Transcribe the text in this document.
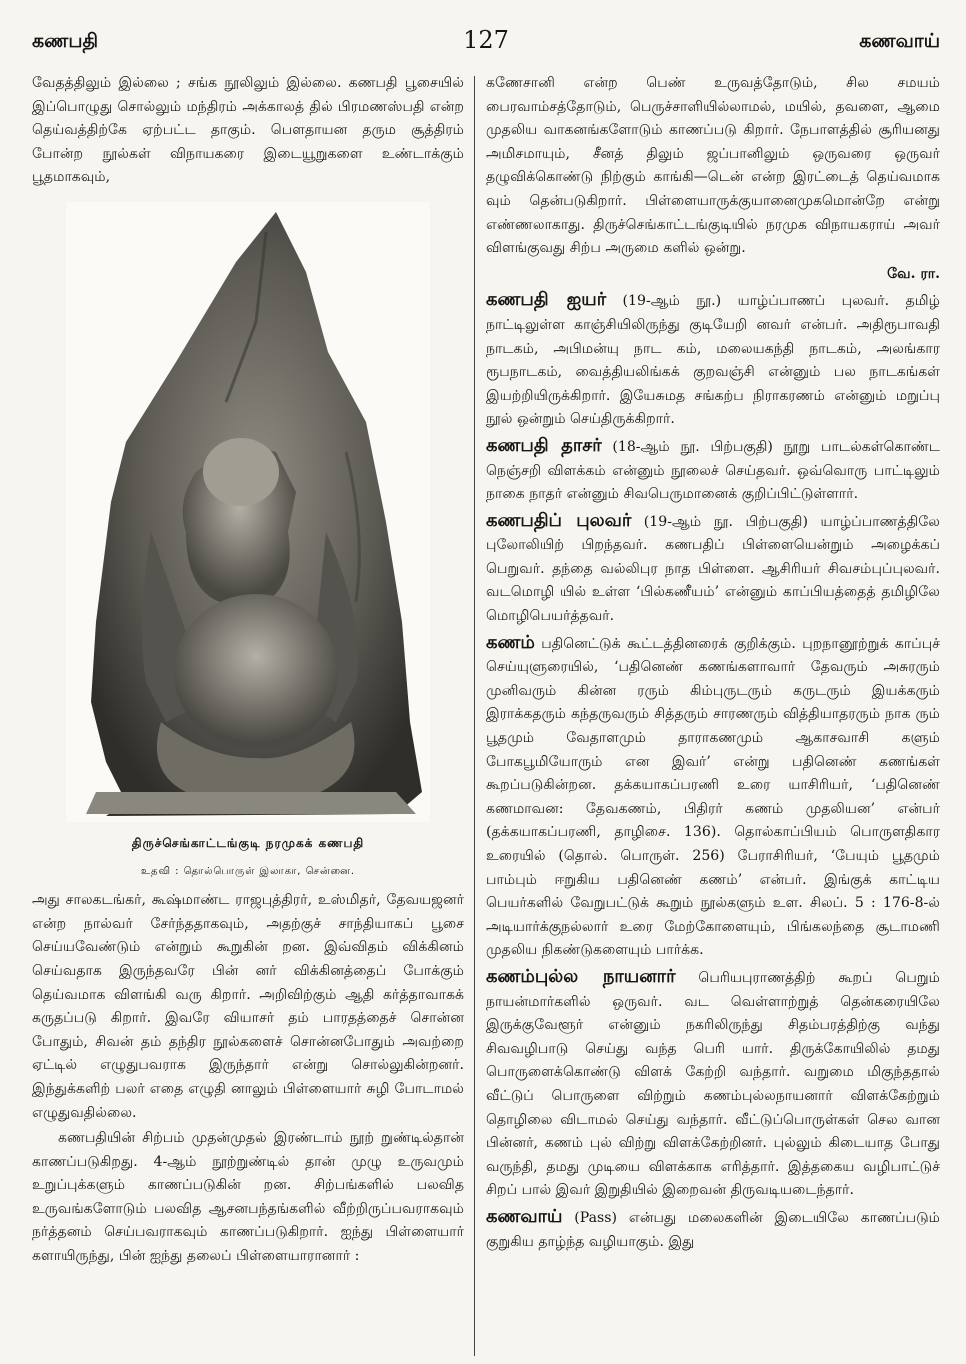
கணபதி	127	கணவாய்

வேதத்திலும் இல்லை ; சங்க நூலிலும் இல்லை. கணபதி பூசையில் இப்பொழுது சொல்லும் மந்திரம் அக்காலத் தில் பிரமணஸ்பதி என்ற தெய்வத்திற்கே ஏற்பட்ட தாகும். பௌதாயன தரும சூத்திரம் போன்ற நூல்கள் விநாயகரை இடையூறுகளை உண்டாக்கும் பூதமாகவும்,

திருச்செங்காட்டங்குடி நரமுகக் கணபதி
உதவி : தொல்பொருள் இலாகா, சென்னை.

அது சாலகடங்கர், கூஷ்மாண்ட ராஜபுத்திரர், உஸ்மிதர், தேவயஜனர் என்ற நால்வர் சேர்ந்ததாகவும், அதற்குச் சாந்தியாகப் பூசை செய்யவேண்டும் என்றும் கூறுகின் றன. இவ்விதம் விக்கினம் செய்வதாக இருந்தவரே பின் னர் விக்கினத்தைப் போக்கும் தெய்வமாக விளங்கி வரு கிறார். அறிவிற்கும் ஆதி கர்த்தாவாகக் கருதப்படு கிறார். இவரே வியாசர் தம் பாரதத்தைச் சொன்ன போதும், சிவன் தம் தந்திர நூல்களைச் சொன்னபோதும் அவற்றை ஏட்டில் எழுதுபவராக இருந்தார் என்று சொல்லுகின்றனர். இந்துக்களிற் பலர் எதை எழுதி னாலும் பிள்ளையார் சுழி போடாமல் எழுதுவதில்லை.

கணபதியின் சிற்பம் முதன்முதல் இரண்டாம் நூற் றுண்டில்தான் காணப்படுகிறது. 4-ஆம் நூற்றுண்டில் தான் முழு உருவமும் உறுப்புக்களும் காணப்படுகின் றன. சிற்பங்களில் பலவித உருவங்களோடும் பலவித ஆசனபந்தங்களில் வீற்றிருப்பவராகவும் நர்த்தனம் செய்பவராகவும் காணப்படுகிறார். ஐந்து பிள்ளையார் களாயிருந்து, பின் ஐந்து தலைப் பிள்ளையாரானார் :

கணேசானி என்ற பெண் உருவத்தோடும், சில சமயம் பைரவாம்சத்தோடும், பெருச்சாளியில்லாமல், மயில், தவளை, ஆமை முதலிய வாகனங்களோடும் காணப்படு கிறார். நேபாளத்தில் சூரியனது அமிசமாயும், சீனத் திலும் ஜப்பானிலும் ஒருவரை ஒருவர் தழுவிக்கொண்டு நிற்கும் காங்கி—டென் என்ற இரட்டைத் தெய்வமாக வும் தென்படுகிறார். பிள்ளையாருக்குயானைமுகமொன்றே என்று எண்ணலாகாது. திருச்செங்காட்டங்குடியில் நரமுக விநாயகராய் அவர் விளங்குவது சிற்ப அருமை களில் ஒன்று.

வே. ரா.

கணபதி ஐயர் (19-ஆம் நூ.) யாழ்ப்பாணப் புலவர். தமிழ் நாட்டிலுள்ள காஞ்சியிலிருந்து குடியேறி னவர் என்பர். அதிரூபாவதி நாடகம், அபிமன்யு நாட கம், மலையகந்தி நாடகம், அலங்கார ரூபநாடகம், வைத்தியலிங்கக் குறவஞ்சி என்னும் பல நாடகங்கள் இயற்றியிருக்கிறார். இயேசுமத சங்கற்ப நிராகரணம் என்னும் மறுப்பு நூல் ஒன்றும் செய்திருக்கிறார்.

கணபதி தாசர் (18-ஆம் நூ. பிற்பகுதி) நூறு பாடல்கள்கொண்ட நெஞ்சறி விளக்கம் என்னும் நூலைச் செய்தவர். ஒவ்வொரு பாட்டிலும் நாகை நாதர் என்னும் சிவபெருமானைக் குறிப்பிட்டுள்ளார்.

கணபதிப் புலவர் (19-ஆம் நூ. பிற்பகுதி) யாழ்ப்பாணத்திலே புலோலியிற் பிறந்தவர். கணபதிப் பிள்ளையென்றும் அழைக்கப் பெறுவர். தந்தை வல்லிபுர நாத பிள்ளை. ஆசிரியர் சிவசம்புப்புலவர். வடமொழி யில் உள்ள ‘பில்கணீயம்’ என்னும் காப்பியத்தைத் தமிழிலே மொழிபெயர்த்தவர்.

கணம் பதினெட்டுக் கூட்டத்தினரைக் குறிக்கும். புறநானூற்றுக் காப்புச் செய்யுளுரையில், ‘பதினெண் கணங்களாவார் தேவரும் அசுரரும் முனிவரும் கின்ன ரரும் கிம்புருடரும் கருடரும் இயக்கரும் இராக்கதரும் கந்தருவரும் சித்தரும் சாரணரும் வித்தியாதரரும் நாக ரும் பூதமும் வேதாளமும் தாராகணமும் ஆகாசவாசி களும் போகபூமியோரும் என இவர்’ என்று பதினெண் கணங்கள் கூறப்படுகின்றன. தக்கயாகப்பரணி உரை யாசிரியர், ‘பதினெண் கணமாவன: தேவகணம், பிதிரர் கணம் முதலியன’ என்பர் (தக்கயாகப்பரணி, தாழிசை. 136). தொல்காப்பியம் பொருளதிகார உரையில் (தொல். பொருள். 256) பேராசிரியர், ‘பேயும் பூதமும் பாம்பும் ஈறுகிய பதினெண் கணம்’ என்பர். இங்குக் காட்டிய பெயர்களில் வேறுபட்டுக் கூறும் நூல்களும் உள. சிலப். 5 : 176-8-ல் அடியார்க்குநல்லார் உரை மேற்கோளையும், பிங்கலந்தை சூடாமணி முதலிய நிகண்டுகளையும் பார்க்க.

கணம்புல்ல நாயனார் பெரியபுராணத்திற் கூறப் பெறும் நாயன்மார்களில் ஒருவர். வட வெள்ளாற்றுத் தென்கரையிலே இருக்குவேளூர் என்னும் நகரிலிருந்து சிதம்பரத்திற்கு வந்து சிவவழிபாடு செய்து வந்த பெரி யார். திருக்கோயிலில் தமது பொருளைக்கொண்டு விளக் கேற்றி வந்தார். வறுமை மிகுந்ததால் வீட்டுப் பொருளை விற்றும் கணம்புல்லநாயனார் விளக்கேற்றும் தொழிலை விடாமல் செய்து வந்தார். வீட்டுப்பொருள்கள் செல வான பின்னர், கணம் புல் விற்று விளக்கேற்றினர். புல்லும் கிடையாத போது வருந்தி, தமது முடியை விளக்காக எரித்தார். இத்தகைய வழிபாட்டுச் சிறப் பால் இவர் இறுதியில் இறைவன் திருவடியடைந்தார்.

கணவாய் (Pass) என்பது மலைகளின் இடையிலே காணப்படும் குறுகிய தாழ்ந்த வழியாகும். இது
